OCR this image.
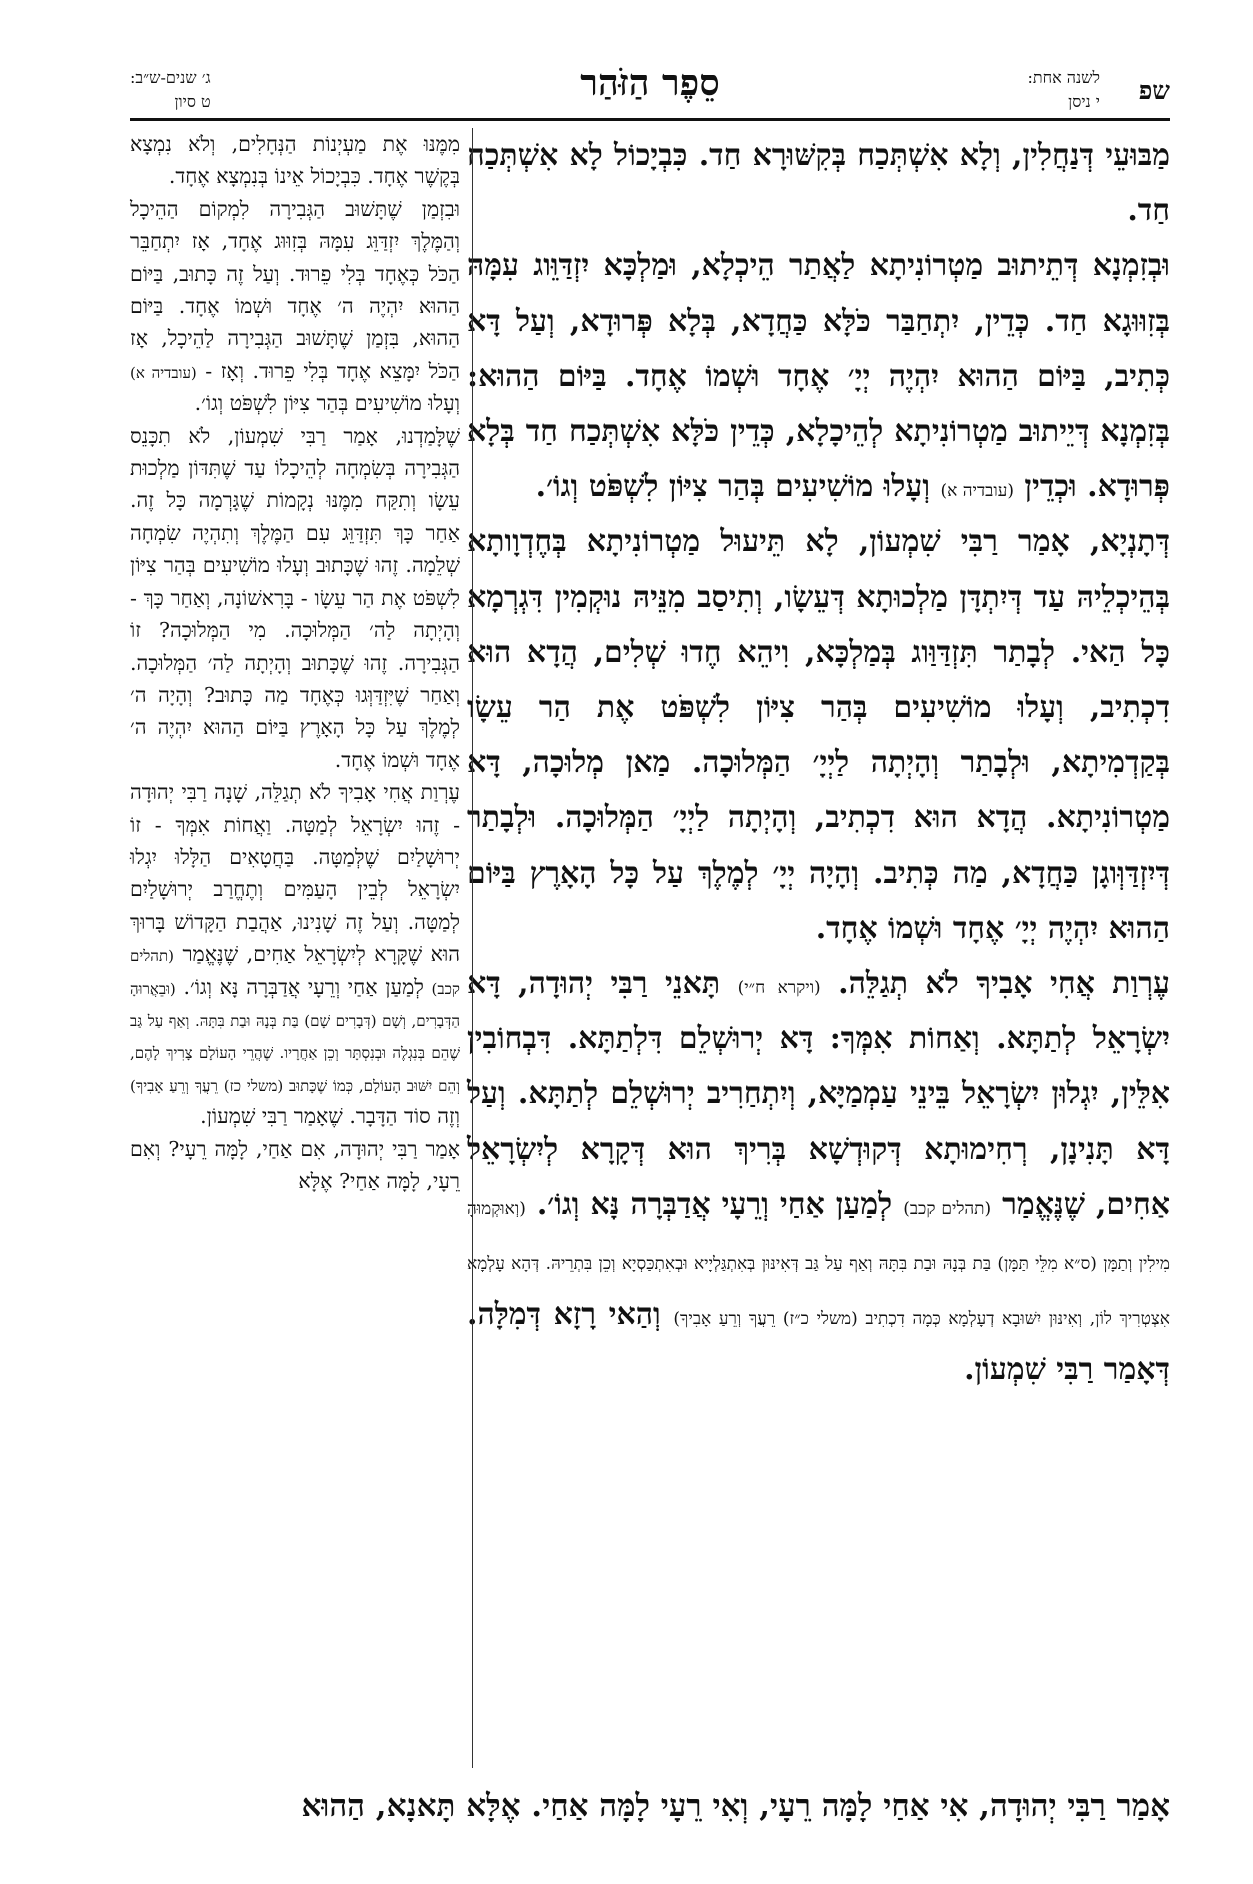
שפ
לשנה אחת:
י ניסן
סֵפֶר הַזֹּהַר
ג׳ שנים-ש״ב:
ט סיון

מַבּוּעֵי דְּנַחֲלִין, וְלָא אִשְׁתְּכַח בְּקִשּׁוּרָא חַד. כִּבְיָכוֹל לָא אִשְׁתְּכַח חַד.

וּבְזִמְנָא דְּתֵיתוּב מַטְרוֹנִיתָא לַאֲתַר הֵיכְלָא, וּמַלְכָּא יִזְדַּוֵּוג עִמָּהּ בְּזִוּוּגָא חַד. כְּדֵין, יִתְחַבַּר כֹּלָּא כַּחֲדָא, בְּלָא פְּרוּדָא, וְעַל דָּא כְּתִיב, בַּיּוֹם הַהוּא יִהְיֶה יְיָ׳ אֶחָד וּשְׁמוֹ אֶחָד. בַּיּוֹם הַהוּא: בְּזִמְנָא דְּיֵיתוּב מַטְרוֹנִיתָא לְהֵיכָלָא, כְּדֵין כֹּלָּא אִשְׁתְּכַח חַד בְּלָא פְּרוּדָא. וּכְדֵין (עובדיה א) וְעָלוּ מוֹשִׁיעִים בְּהַר צִיּוֹן לִשְׁפֹּט וְגוֹ׳.

דְּתָנְיָא, אָמַר רַבִּי שִׁמְעוֹן, לָא תֵּיעוּל מַטְרוֹנִיתָא בְּחֶדְוָותָא בְּהֵיכְלֵיהּ עַד דְּיִתְדָּן מַלְכוּתָא דְּעֵשָׂו, וְתִיסַב מִנֵּיהּ נוּקְמִין דִּגְרְמָא כָּל הַאי. לְבָתַר תִּזְדַּוַּוג בְּמַלְכָּא, וִיהֵא חֶדוּ שְׁלִים, הֲדָא הוּא דִכְתִיב, וְעָלוּ מוֹשִׁיעִים בְּהַר צִיּוֹן לִשְׁפֹּט אֶת הַר עֵשָׂו בְּקַדְמִיתָא, וּלְבָתַר וְהָיְתָה לַיְיָ׳ הַמְּלוּכָה. מַאן מְלוּכָה, דָּא מַטְרוֹנִיתָא. הֲדָא הוּא דִכְתִיב, וְהָיְתָה לַיְיָ׳ הַמְּלוּכָה. וּלְבָתַר דְּיִזְדַּוְּוגָן כַּחֲדָא, מַה כְּתִיב. וְהָיָה יְיָ׳ לְמֶלֶךְ עַל כָּל הָאָרֶץ בַּיּוֹם הַהוּא יִהְיֶה יְיָ׳ אֶחָד וּשְׁמוֹ אֶחָד.

עֶרְוַת אֲחִי אָבִיךָ לֹא תְגַלֵּה. (ויקרא ח״י) תָּאנֵי רַבִּי יְהוּדָה, דָּא יִשְׂרָאֵל לְתַתָּא. וְאַחוֹת אִמְּךָ: דָּא יְרוּשְׁלֵם דִּלְתַתָּא. דִּבְחוֹבִין אִלֵּין, יִגְלוּן יִשְׂרָאֵל בֵּינֵי עַמְמַיָּא, וְיִתְחַרִיב יְרוּשְׁלֵם לְתַתָּא. וְעַל דָּא תָּנִינָן, רְחִימוּתָא דְּקוּדְשָׁא בְּרִיךְ הוּא דְּקָרָא לְיִשְׂרָאֵל אַחִים, שֶׁנֶּאֱמַר (תהלים קכב) לְמַעַן אַחַי וְרֵעָי אֲדַבְּרָה נָּא וְגוֹ׳. (וְאוּקְמוּהָ מִילִין וְתַמָּן (ס״א מִלֵּי תַּמָּן) בַּת בְּנָהּ וּבַת בִּתָּהּ וְאַף עַל גַּב דְּאִינּוּן בְּאִתְגַּלְיָיא וּבְאִתְכַּסְיָא וְכֵן בִּתְרֵיהּ. דְּהָא עָלְמָא אִצְטְרִיךְ לוֹן, וְאִינּוּן יִשּׁוּבָא דְעָלְמָא כְּמָה דִכְתִיב (משלי כ״ז) רֵעֲךָ וְרֵעַ אָבִיךָ) וְהַאי רָזָא דְּמִלָּה. דְּאָמַר רַבִּי שִׁמְעוֹן.

מִמֶּנּוּ אֶת מַעְיְנוֹת הַנְּחָלִים, וְלֹא נִמְצָא בְּקֶשֶׁר אֶחָד. כִּבְיָכוֹל אֵינוֹ בְּנִמְצָא אֶחָד.

וּבִזְמַן שֶׁתָּשׁוּב הַגְּבִירָה לִמְקוֹם הַהֵיכָל וְהַמֶּלֶךְ יִזְדַּוֵּג עִמָּהּ בְּזִוּוּג אֶחָד, אָז יִתְחַבֵּר הַכֹּל כְּאֶחָד בְּלִי פֵרוּד. וְעַל זֶה כָּתוּב, בַּיּוֹם הַהוּא יִהְיֶה ה׳ אֶחָד וּשְׁמוֹ אֶחָד. בַּיּוֹם הַהוּא, בִּזְמַן שֶׁתָּשׁוּב הַגְּבִירָה לַהֵיכָל, אָז הַכֹּל יִמָּצֵא אֶחָד בְּלִי פֵרוּד. וְאָז - (עובדיה א) וְעָלוּ מוֹשִׁיעִים בְּהַר צִיּוֹן לִשְׁפֹּט וְגוֹ׳.

שֶׁלָּמַדְנוּ, אָמַר רַבִּי שִׁמְעוֹן, לֹא תִכָּנֵס הַגְּבִירָה בְּשִׂמְחָה לְהֵיכָלוֹ עַד שֶׁתִּדּוֹן מַלְכוּת עֵשָׂו וְתִקַּח מִמֶּנּוּ נְקָמוֹת שֶׁגָּרְמָה כָּל זֶה. אַחַר כָּךְ תִּזְדַּוֵּג עִם הַמֶּלֶךְ וְתִהְיֶה שִׂמְחָה שְׁלֵמָה. זֶהוּ שֶׁכָּתוּב וְעָלוּ מוֹשִׁיעִים בְּהַר צִיּוֹן לִשְׁפֹּט אֶת הַר עֵשָׂו - בָּרִאשׁוֹנָה, וְאַחַר כָּךְ - וְהָיְתָה לַה׳ הַמְּלוּכָה. מִי הַמְּלוּכָה? זוֹ הַגְּבִירָה. זֶהוּ שֶׁכָּתוּב וְהָיְתָה לַה׳ הַמְּלוּכָה. וְאַחַר שֶׁיִּזְדַּוְּגוּ כְּאֶחָד מַה כָּתוּב? וְהָיָה ה׳ לְמֶלֶךְ עַל כָּל הָאָרֶץ בַּיּוֹם הַהוּא יִהְיֶה ה׳ אֶחָד וּשְׁמוֹ אֶחָד.

עֶרְוַת אֲחִי אָבִיךָ לֹא תְגַלֵּה, שָׁנָה רַבִּי יְהוּדָה - זֶהוּ יִשְׂרָאֵל לְמַטָּה. וַאֲחוֹת אִמְּךָ - זוֹ יְרוּשָׁלַיִם שֶׁלְּמַטָּה. בַּחֲטָאִים הַלָּלוּ יִגְלוּ יִשְׂרָאֵל לְבֵין הָעַמִּים וְתֶחֱרַב יְרוּשָׁלַיִם לְמַטָּה. וְעַל זֶה שָׁנִינוּ, אַהֲבַת הַקָּדוֹשׁ בָּרוּךְ הוּא שֶׁקָּרָא לְיִשְׂרָאֵל אַחִים, שֶׁנֶּאֱמַר (תהלים קכב) לְמַעַן אַחַי וְרֵעָי אֲדַבְּרָה נָּא וְגוֹ׳. (וּבֵאֲרוּהָ הַדְּבָרִים, וְשָׁם (דְּבָרִים שָׁם) בַּת בְּנָהּ וּבַת בִּתָּהּ. וְאַף עַל גַּב שֶׁהֵם בְּנִגְלֶה וּבְנִסְתָּר וְכֵן אַחֲרָיו. שֶׁהֲרֵי הָעוֹלָם צָרִיךְ לָהֶם, וְהֵם יִשּׁוּב הָעוֹלָם, כְּמוֹ שֶׁכָּתוּב (משלי כז) רֵעֲךָ וְרֵעַ אָבִיךָ) וְזֶה סוֹד הַדָּבָר. שֶׁאָמַר רַבִּי שִׁמְעוֹן.

אָמַר רַבִּי יְהוּדָה, אִם אַחַי, לָמָּה רֵעָי? וְאִם רֵעָי, לָמָּה אַחַי? אֶלָּא

אָמַר רַבִּי יְהוּדָה, אִי אַחַי לָמָּה רֵעָי, וְאִי רֵעָי לָמָּה אַחַי. אֶלָּא תָּאנָא, הַהוּא
